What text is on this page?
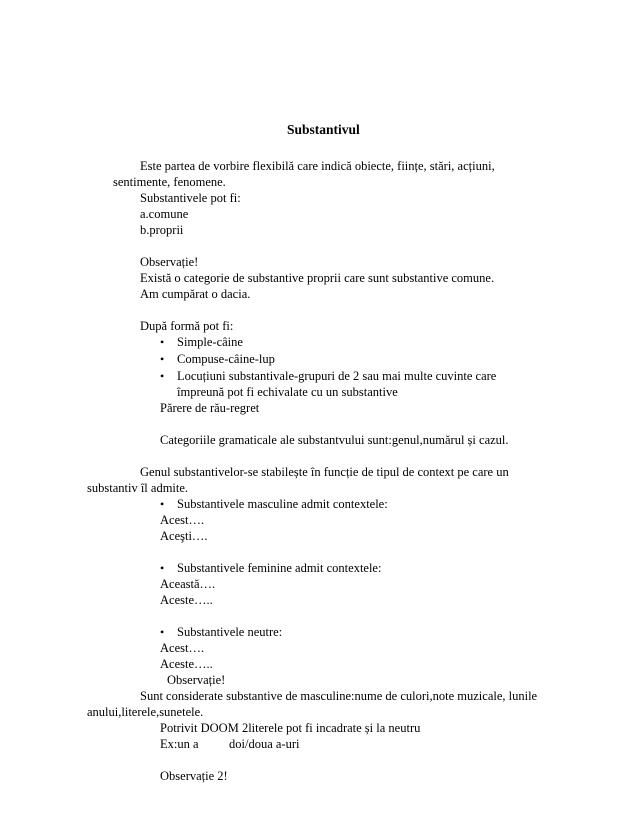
Substantivul
Este partea de vorbire flexibilă care indică obiecte, ființe, stări, acțiuni,
sentimente, fenomene.
Substantivele pot fi:
a.comune
b.proprii
Observație!
Există o categorie de substantive proprii care sunt substantive comune.
Am cumpărat o dacia.
După formă pot fi:
• Simple-câine
• Compuse-câine-lup
• Locuțiuni substantivale-grupuri de 2 sau mai multe cuvinte care
împreună pot fi echivalate cu un substantive
Părere de rău-regret
Categoriile gramaticale ale substantvului sunt:genul,numărul și cazul.
Genul substantivelor-se stabilește în funcție de tipul de context pe care un
substantiv îl admite.
• Substantivele masculine admit contextele:
Acest….
Aceşti….
• Substantivele feminine admit contextele:
Această….
Aceste…..
• Substantivele neutre:
Acest….
Aceste…..
Observație!
Sunt considerate substantive de masculine:nume de culori,note muzicale, lunile
anului,literele,sunetele.
Potrivit DOOM 2literele pot fi incadrate și la neutru
Ex:un a doi/doua a-uri
Observație 2!
